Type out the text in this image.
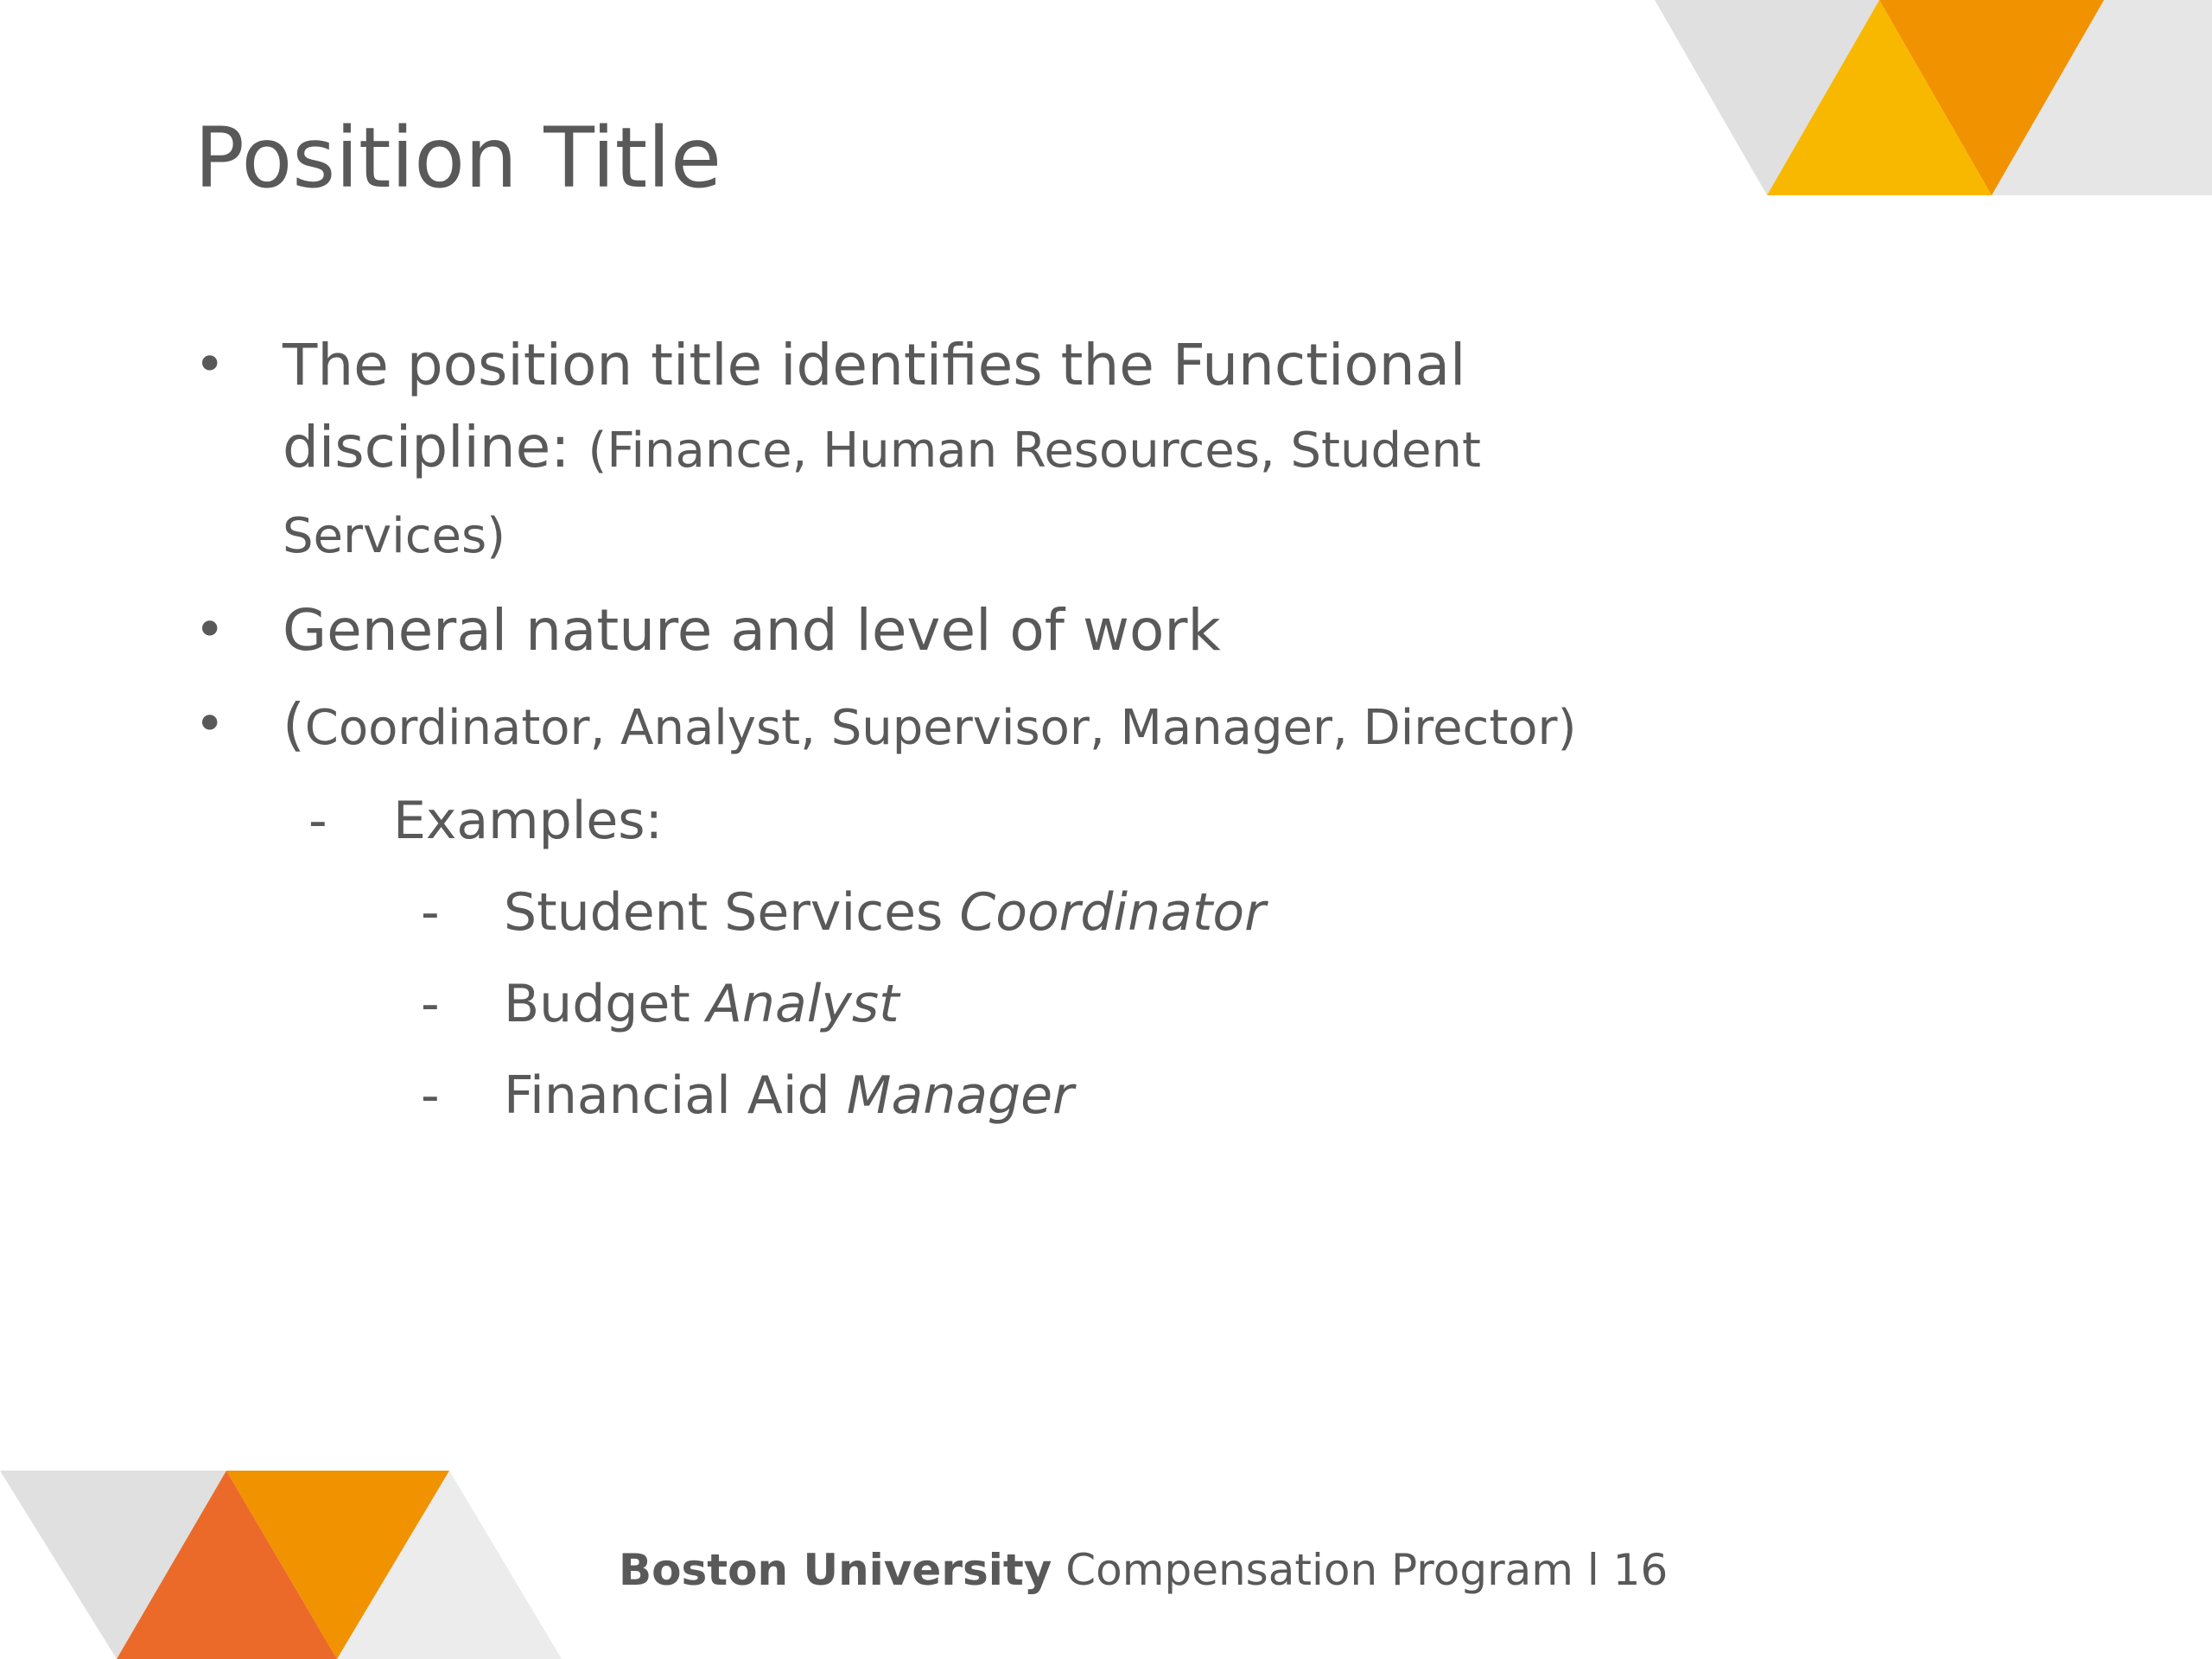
Position Title
• The position title identifies the Functional discipline: (Finance, Human Resources, Student Services)
• General nature and level of work
• (Coordinator, Analyst, Supervisor, Manager, Director)
- Examples:
- Student Services Coordinator
- Budget Analyst
- Financial Aid Manager
Boston University Compensation Program l 16
